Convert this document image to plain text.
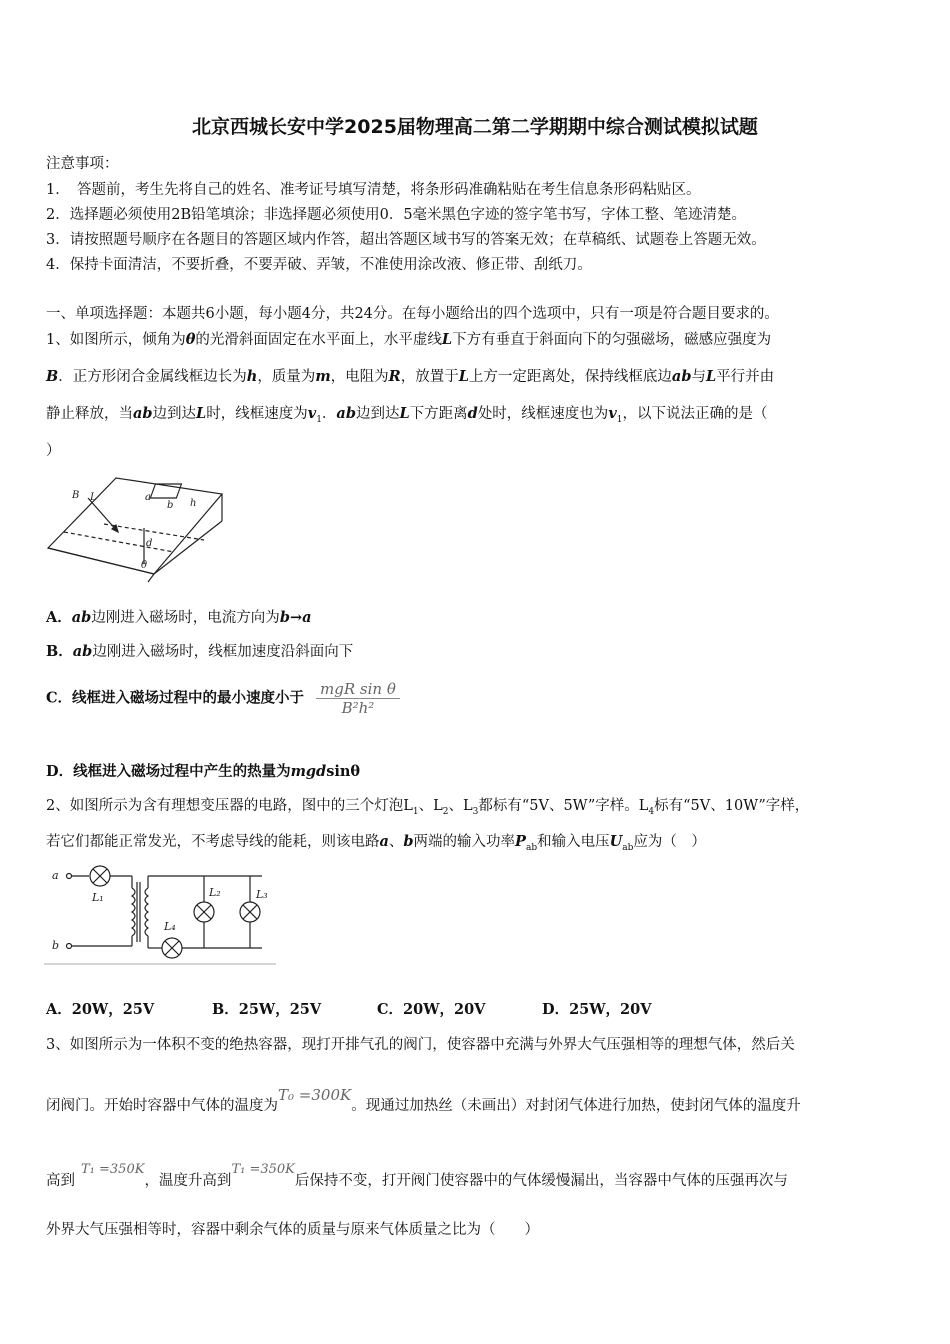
北京西城长安中学2025届物理高二第二学期期中综合测试模拟试题
注意事项：
1．　答题前，考生先将自己的姓名、准考证号填写清楚，将条形码准确粘贴在考生信息条形码粘贴区。
2．选择题必须使用2B铅笔填涂；非选择题必须使用0．5毫米黑色字迹的签字笔书写，字体工整、笔迹清楚。
3．请按照题号顺序在各题目的答题区域内作答，超出答题区域书写的答案无效；在草稿纸、试题卷上答题无效。
4．保持卡面清洁，不要折叠，不要弄破、弄皱，不准使用涂改液、修正带、刮纸刀。
一、单项选择题：本题共6小题，每小题4分，共24分。在每小题给出的四个选项中，只有一项是符合题目要求的。
1、如图所示，倾角为θ的光滑斜面固定在水平面上，水平虚线L下方有垂直于斜面向下的匀强磁场，磁感应强度为
B．正方形闭合金属线框边长为h，质量为m，电阻为R，放置于L上方一定距离处，保持线框底边ab与L平行并由
静止释放，当ab边到达L时，线框速度为$v_1$．ab边到达L下方距离d处时，线框速度也为$v_1$，以下说法正确的是（
）
B L	a
b h
d
θ
A．ab边刚进入磁场时，电流方向为b→a
B．ab边刚进入磁场时，线框加速度沿斜面向下
C．线框进入磁场过程中的最小速度小于 $\frac{\text{mgR sin θ}}{\text{B²h²}}$
D．线框进入磁场过程中产生的热量为mgdsinθ
2、如图所示为含有理想变压器的电路，图中的三个灯泡$L_1$、$L_2$、$L_3$都标有“5V、5W”字样。$L_4$标有“5V、10W”字样，
若它们都能正常发光，不考虑导线的能耗，则该电路a、b两端的输入功率$P_{ab}$和输入电压$U_{ab}$应为（　）
a
b
L₁	L₂	L₃
L₄
A．20W，25V	B．25W，25V	C．20W，20V	D．25W，20V
3、如图所示为一体积不变的绝热容器，现打开排气孔的阀门，使容器中充满与外界大气压强相等的理想气体，然后关
闭阀门。开始时容器中气体的温度为T₀ =300K。现通过加热丝（未画出）对封闭气体进行加热，使封闭气体的温度升
高到T₁ =350K，温度升高到T₁ =350K后保持不变，打开阀门使容器中的气体缓慢漏出，当容器中气体的压强再次与
外界大气压强相等时，容器中剩余气体的质量与原来气体质量之比为（　　）
